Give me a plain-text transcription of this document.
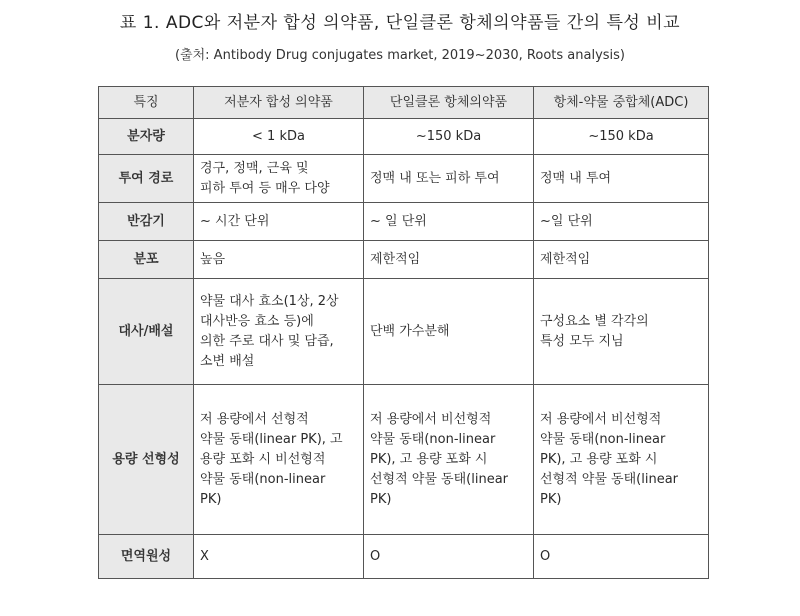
표 1. ADC와 저분자 합성 의약품, 단일클론 항체의약품들 간의 특성 비교
(출처: Antibody Drug conjugates market, 2019~2030, Roots analysis)
특징	저분자 합성 의약품	단일클론 항체의약품	항체-약물 중합체(ADC)
분자량	< 1 kDa	~150 kDa	~150 kDa
투여 경로	경구, 정맥, 근육 및
피하 투여 등 매우 다양	정맥 내 또는 피하 투여	정맥 내 투여
반감기	~ 시간 단위	~ 일 단위	~일 단위
분포	높음	제한적임	제한적임
대사/배설	약물 대사 효소(1상, 2상
대사반응 효소 등)에
의한 주로 대사 및 담즙,
소변 배설	단백 가수분해	구성요소 별 각각의
특성 모두 지님
용량 선형성	저 용량에서 선형적
약물 동태(linear PK), 고
용량 포화 시 비선형적
약물 동태(non-linear
PK)	저 용량에서 비선형적
약물 동태(non-linear
PK), 고 용량 포화 시
선형적 약물 동태(linear
PK)	저 용량에서 비선형적
약물 동태(non-linear
PK), 고 용량 포화 시
선형적 약물 동태(linear
PK)
면역원성	X	O	O
